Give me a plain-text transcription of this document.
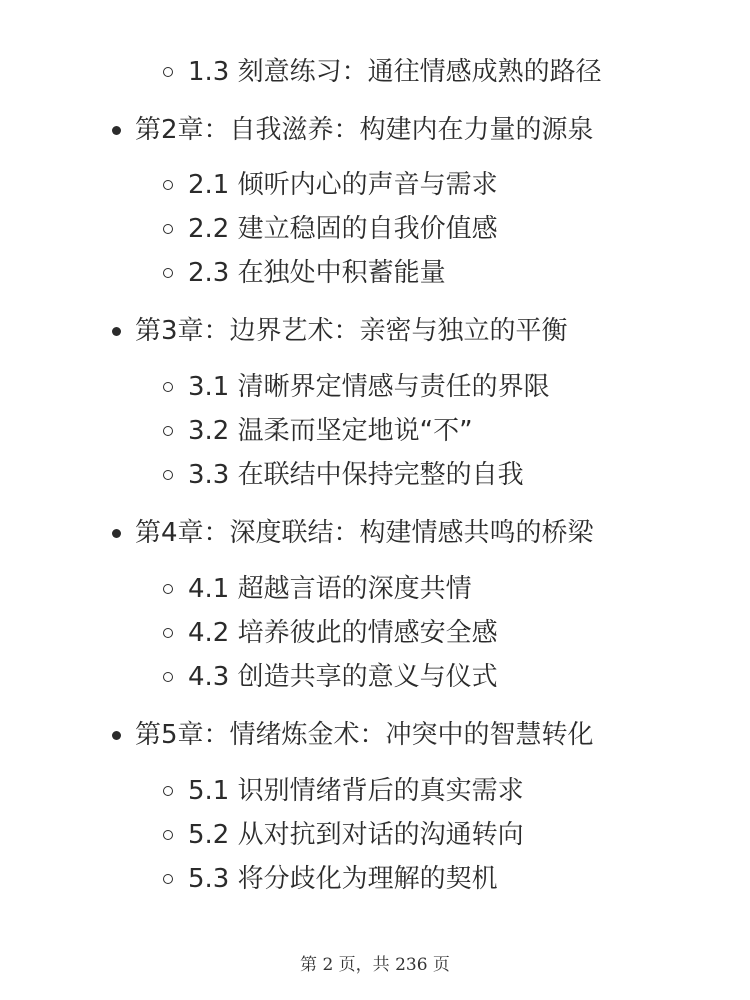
1.3 刻意练习：通往情感成熟的路径
第2章：自我滋养：构建内在力量的源泉
2.1 倾听内心的声音与需求
2.2 建立稳固的自我价值感
2.3 在独处中积蓄能量
第3章：边界艺术：亲密与独立的平衡
3.1 清晰界定情感与责任的界限
3.2 温柔而坚定地说“不”
3.3 在联结中保持完整的自我
第4章：深度联结：构建情感共鸣的桥梁
4.1 超越言语的深度共情
4.2 培养彼此的情感安全感
4.3 创造共享的意义与仪式
第5章：情绪炼金术：冲突中的智慧转化
5.1 识别情绪背后的真实需求
5.2 从对抗到对话的沟通转向
5.3 将分歧化为理解的契机
第 2 页，共 236 页
